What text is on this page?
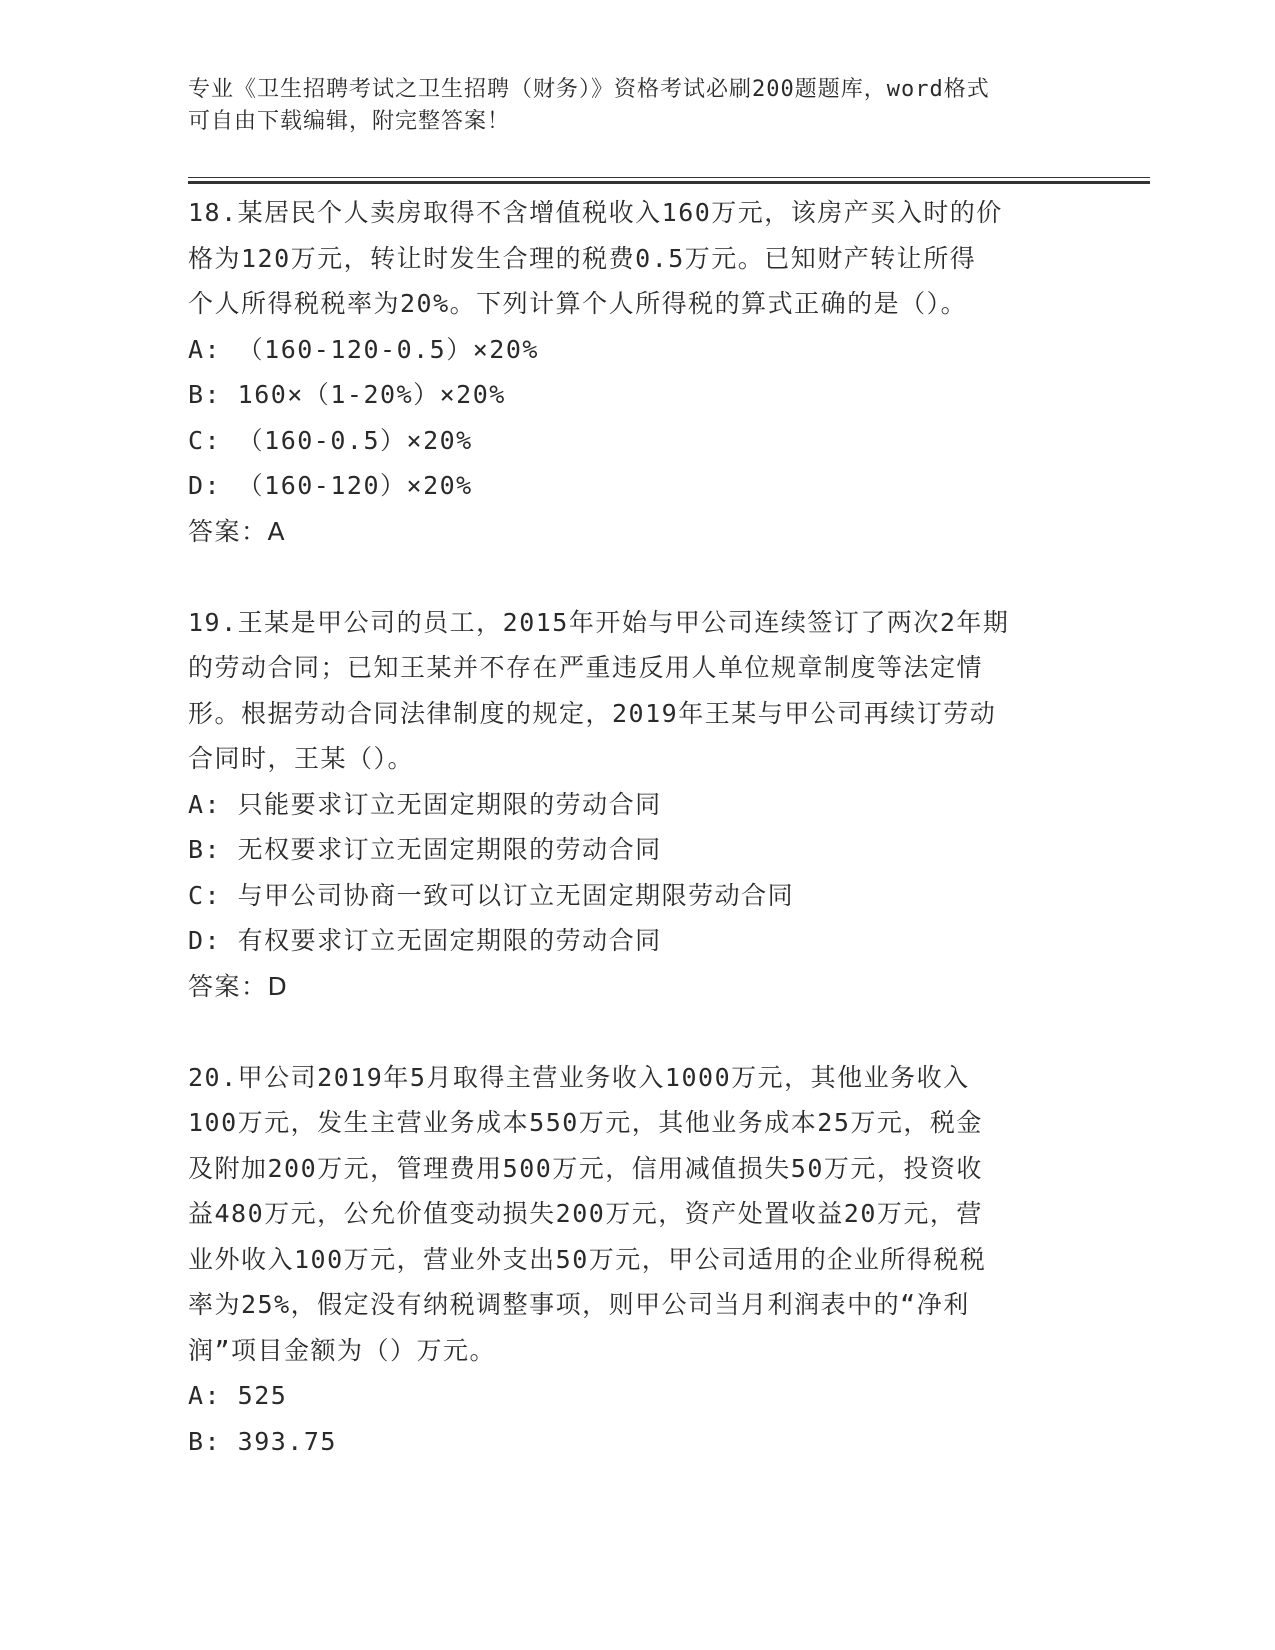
专业《卫生招聘考试之卫生招聘（财务）》资格考试必刷200题题库，word格式
可自由下载编辑，附完整答案！
18.某居民个人卖房取得不含增值税收入160万元，该房产买入时的价
格为120万元，转让时发生合理的税费0.5万元。已知财产转让所得
个人所得税税率为20%。下列计算个人所得税的算式正确的是（）。
A: （160-120-0.5）×20%
B: 160×（1-20%）×20%
C: （160-0.5）×20%
D: （160-120）×20%
答案：A
19.王某是甲公司的员工，2015年开始与甲公司连续签订了两次2年期
的劳动合同；已知王某并不存在严重违反用人单位规章制度等法定情
形。根据劳动合同法律制度的规定，2019年王某与甲公司再续订劳动
合同时，王某（）。
A: 只能要求订立无固定期限的劳动合同
B: 无权要求订立无固定期限的劳动合同
C: 与甲公司协商一致可以订立无固定期限劳动合同
D: 有权要求订立无固定期限的劳动合同
答案：D
20.甲公司2019年5月取得主营业务收入1000万元，其他业务收入
100万元，发生主营业务成本550万元，其他业务成本25万元，税金
及附加200万元，管理费用500万元，信用减值损失50万元，投资收
益480万元，公允价值变动损失200万元，资产处置收益20万元，营
业外收入100万元，营业外支出50万元，甲公司适用的企业所得税税
率为25%，假定没有纳税调整事项，则甲公司当月利润表中的“净利
润”项目金额为（）万元。
A: 525
B: 393.75
